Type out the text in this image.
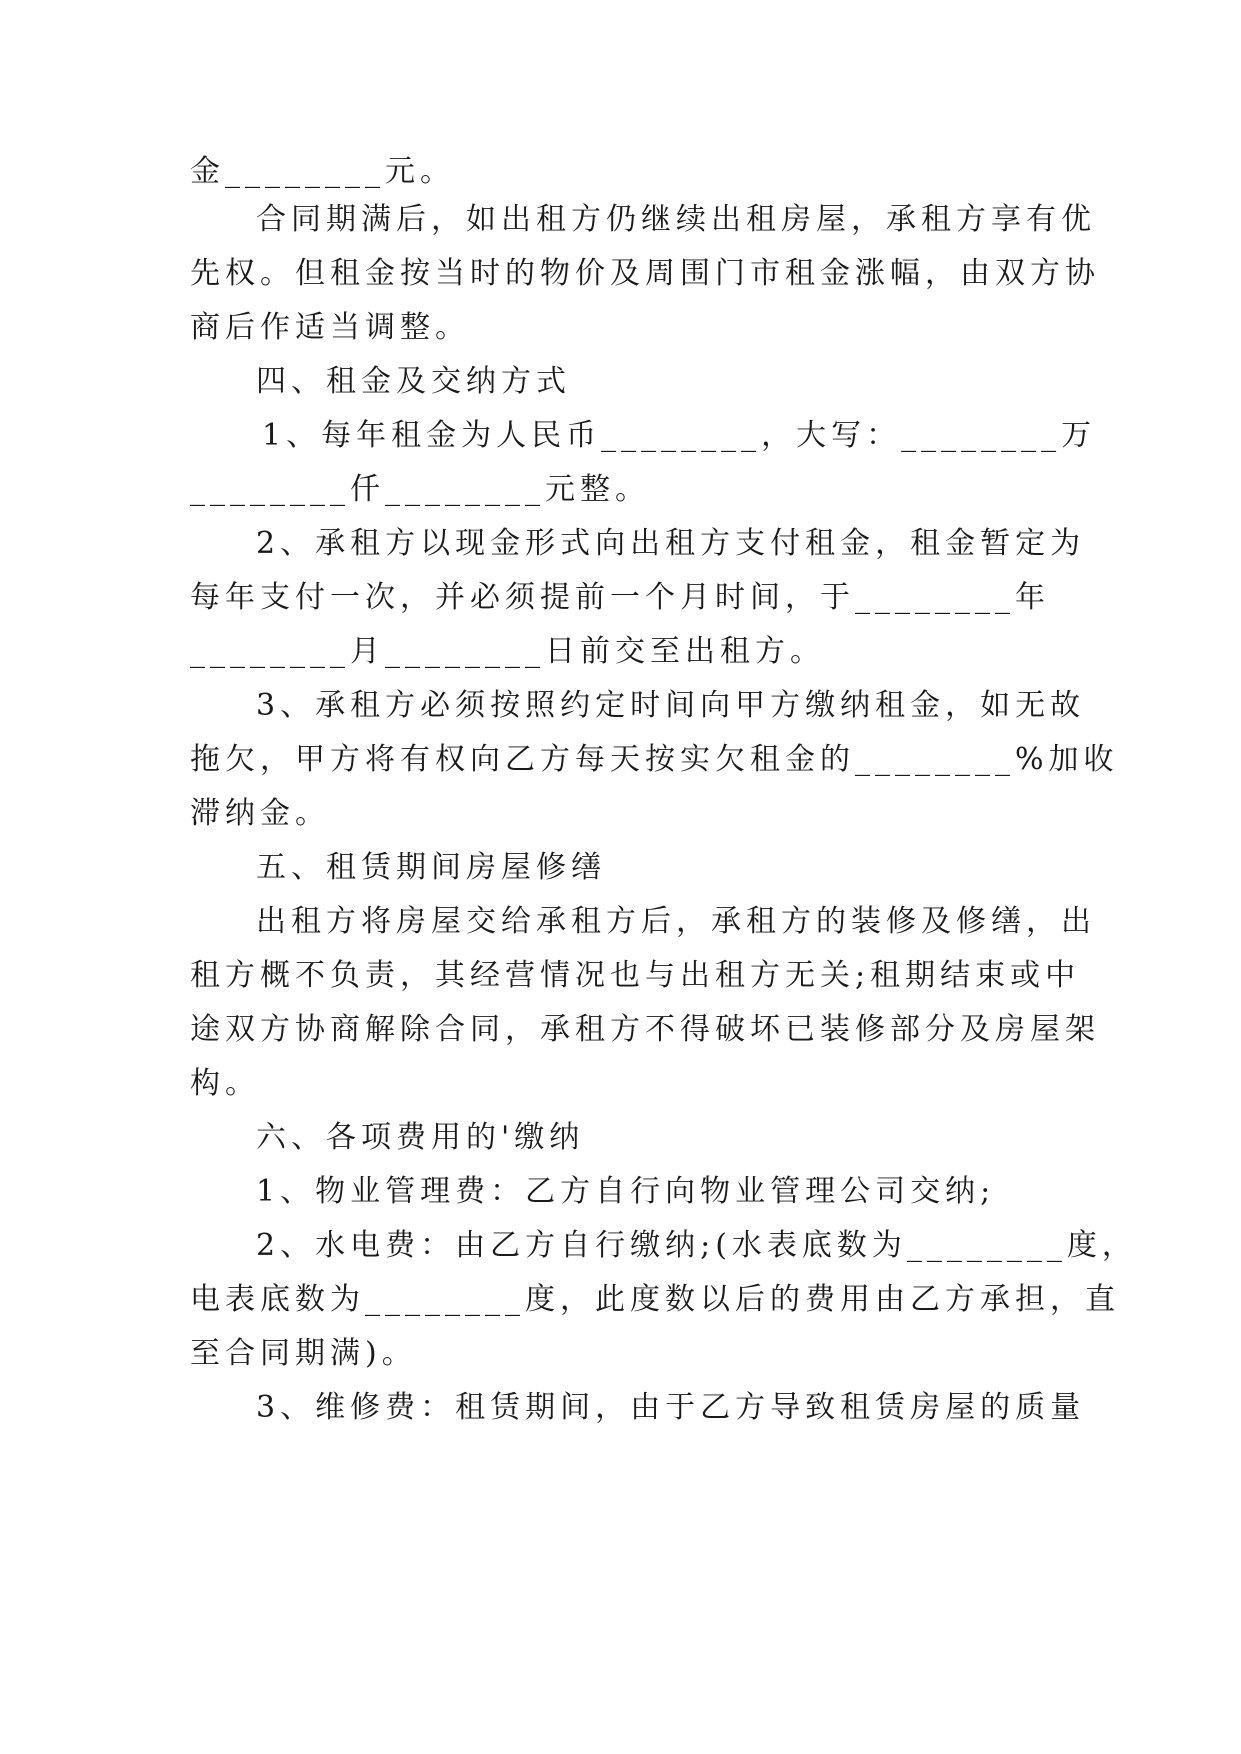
金________元。
合同期满后，如出租方仍继续出租房屋，承租方享有优
先权。但租金按当时的物价及周围门市租金涨幅，由双方协
商后作适当调整。
四、租金及交纳方式
1、每年租金为人民币________，大写：________万
________仟________元整。
2、承租方以现金形式向出租方支付租金，租金暂定为
每年支付一次，并必须提前一个月时间，于________年
________月________日前交至出租方。
3、承租方必须按照约定时间向甲方缴纳租金，如无故
拖欠，甲方将有权向乙方每天按实欠租金的________%加收
滞纳金。
五、租赁期间房屋修缮
出租方将房屋交给承租方后，承租方的装修及修缮，出
租方概不负责，其经营情况也与出租方无关;租期结束或中
途双方协商解除合同，承租方不得破坏已装修部分及房屋架
构。
六、各项费用的'缴纳
1、物业管理费：乙方自行向物业管理公司交纳;
2、水电费：由乙方自行缴纳;(水表底数为________度，
电表底数为________度，此度数以后的费用由乙方承担，直
至合同期满)。
3、维修费：租赁期间，由于乙方导致租赁房屋的质量
